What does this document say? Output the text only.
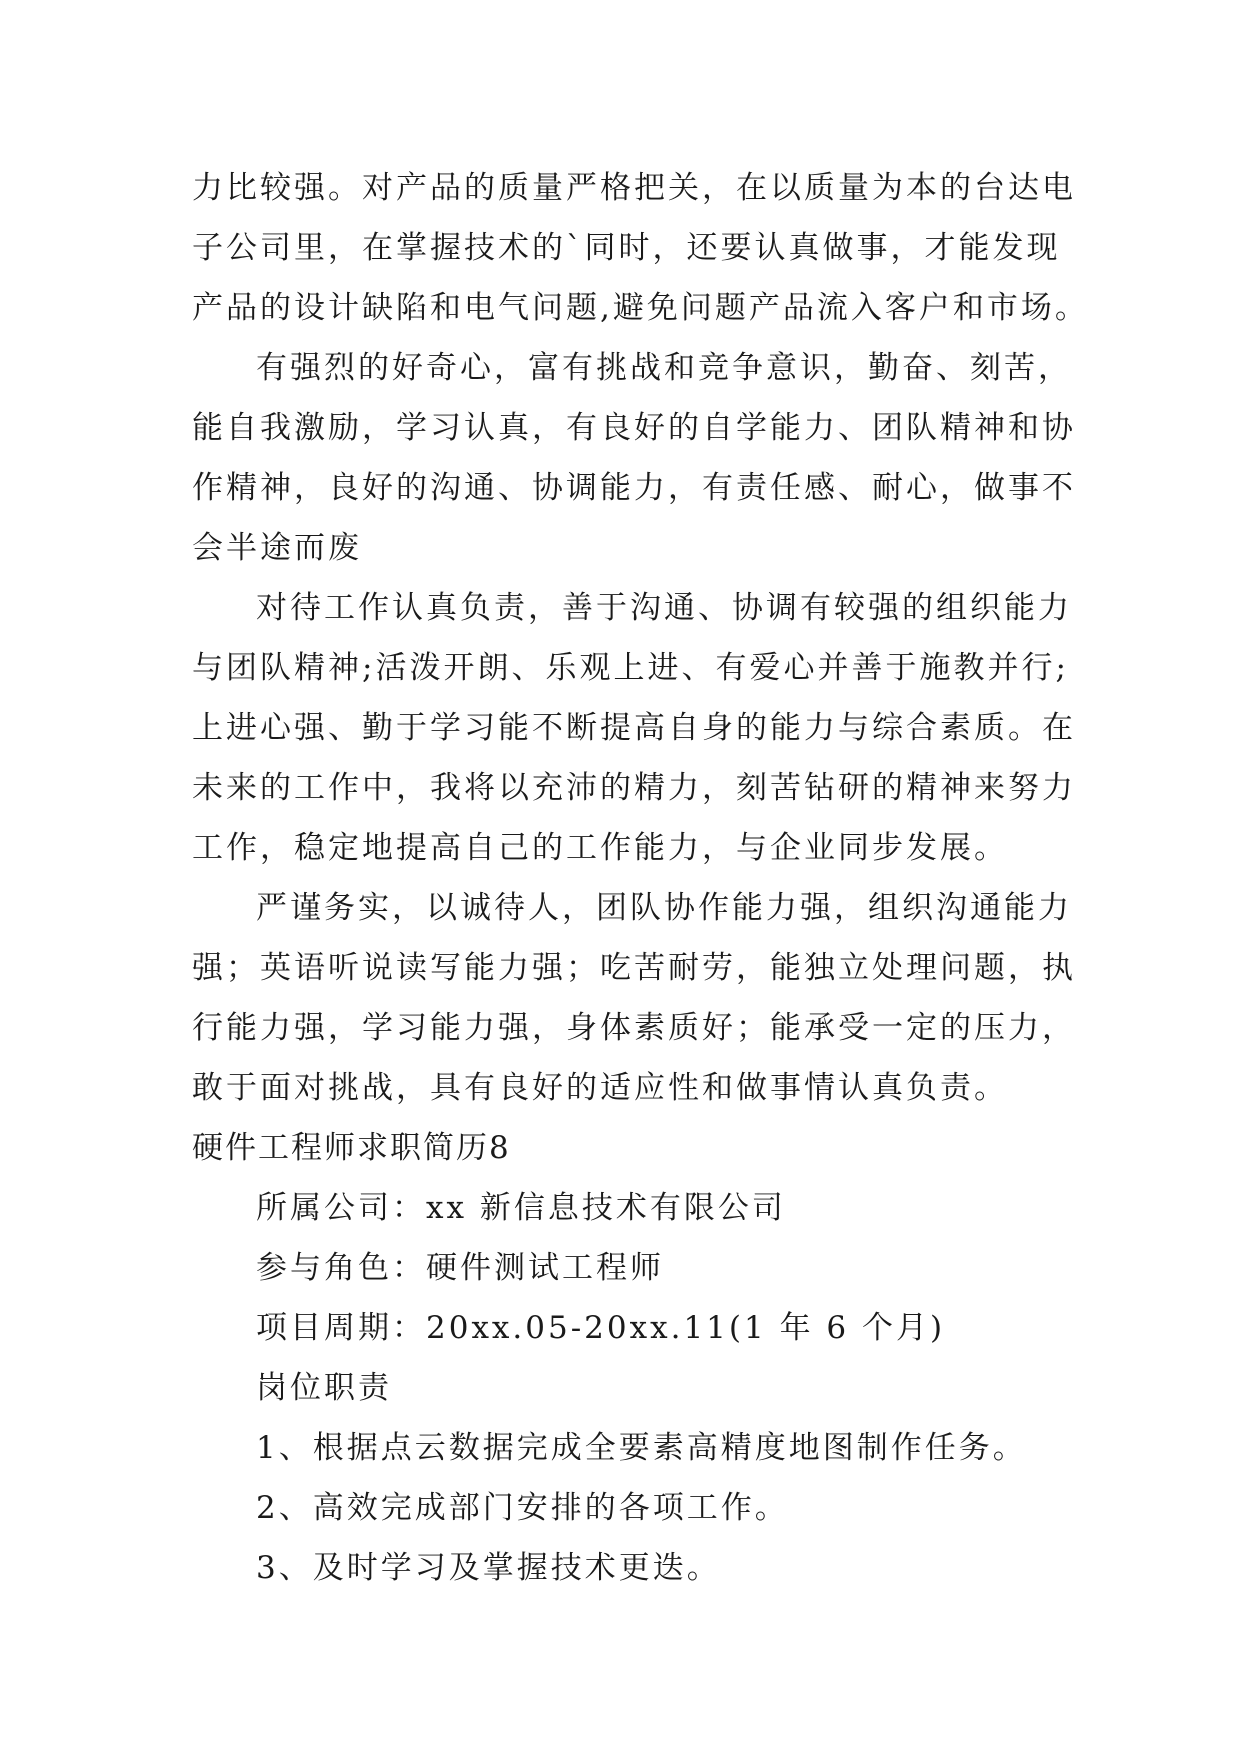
力比较强。对产品的质量严格把关，在以质量为本的台达电
子公司里，在掌握技术的`同时，还要认真做事，才能发现
产品的设计缺陷和电气问题,避免问题产品流入客户和市场。
有强烈的好奇心，富有挑战和竞争意识，勤奋、刻苦，
能自我激励，学习认真，有良好的自学能力、团队精神和协
作精神，良好的沟通、协调能力，有责任感、耐心，做事不
会半途而废
对待工作认真负责，善于沟通、协调有较强的组织能力
与团队精神;活泼开朗、乐观上进、有爱心并善于施教并行;
上进心强、勤于学习能不断提高自身的能力与综合素质。在
未来的工作中，我将以充沛的精力，刻苦钻研的精神来努力
工作，稳定地提高自己的工作能力，与企业同步发展。
严谨务实，以诚待人，团队协作能力强，组织沟通能力
强；英语听说读写能力强；吃苦耐劳，能独立处理问题，执
行能力强，学习能力强，身体素质好；能承受一定的压力，
敢于面对挑战，具有良好的适应性和做事情认真负责。
硬件工程师求职简历8
所属公司：xx 新信息技术有限公司
参与角色：硬件测试工程师
项目周期：20xx.05-20xx.11(1 年 6 个月)
岗位职责
1、根据点云数据完成全要素高精度地图制作任务。
2、高效完成部门安排的各项工作。
3、及时学习及掌握技术更迭。
